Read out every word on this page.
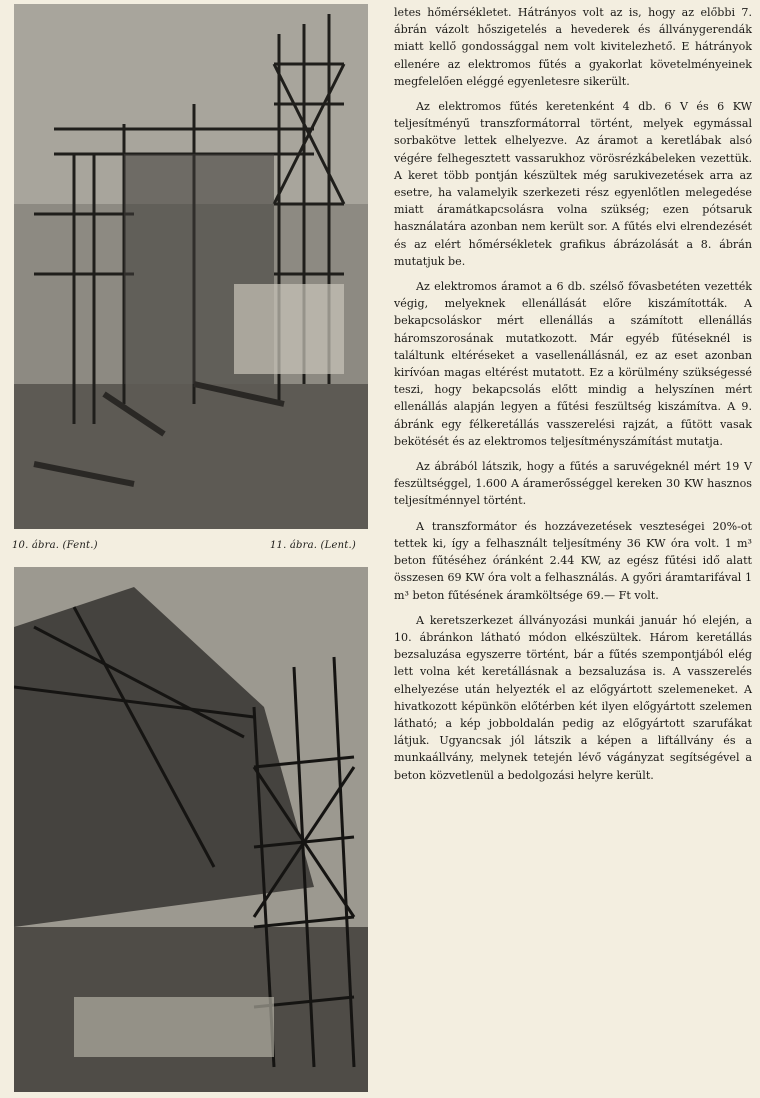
10. ábra. (Fent.)	11. ábra. (Lent.)

letes hőmérsékletet. Hátrányos volt az is, hogy az előbbi 7. ábrán vázolt hőszigetelés a hevederek és állványgerendák miatt kellő gondossággal nem volt kivitelezhető. E hátrányok ellenére az elektromos fűtés a gyakorlat követelményeinek megfelelően eléggé egyenletesre sikerült.

Az elektromos fűtés keretenként 4 db. 6 V és 6 KW teljesítményű transzformátorral történt, melyek egymással sorbakötve lettek elhelyezve. Az áramot a keretlábak alsó végére felhegesztett vassarukhoz vörösrézkábeleken vezettük. A keret több pontján készültek még sarukivezetések arra az esetre, ha valamelyik szerkezeti rész egyenlőtlen melegedése miatt áramátkapcsolásra volna szükség; ezen pótsaruk használatára azonban nem került sor. A fűtés elvi elrendezését és az elért hőmérsékletek grafikus ábrázolását a 8. ábrán mutatjuk be.

Az elektromos áramot a 6 db. szélső fővasbetéten vezették végig, melyeknek ellenállását előre kiszámították. A bekapcsoláskor mért ellenállás a számított ellenállás háromszorosának mutatkozott. Már egyéb fűtéseknél is találtunk eltéréseket a vasellenállásnál, ez az eset azonban kirívóan magas eltérést mutatott. Ez a körülmény szükségessé teszi, hogy bekapcsolás előtt mindig a helyszínen mért ellenállás alapján legyen a fűtési feszültség kiszámítva. A 9. ábránk egy félkeretállás vasszerelési rajzát, a fűtött vasak bekötését és az elektromos teljesítményszámítást mutatja.

Az ábrából látszik, hogy a fűtés a saruvégeknél mért 19 V feszültséggel, 1.600 A áramerősséggel kereken 30 KW hasznos teljesítménnyel történt.

A transzformátor és hozzávezetések veszteségei 20%-ot tettek ki, így a felhasznált teljesítmény 36 KW óra volt. 1 m³ beton fűtéséhez óránként 2.44 KW, az egész fűtési idő alatt összesen 69 KW óra volt a felhasználás. A győri áramtarifával 1 m³ beton fűtésének áramköltsége 69.— Ft volt.

A keretszerkezet állványozási munkái január hó elején, a 10. ábránkon látható módon elkészültek. Három keretállás bezsaluzása egyszerre történt, bár a fűtés szempontjából elég lett volna két keretállásnak a bezsaluzása is. A vasszerelés elhelyezése után helyezték el az előgyártott szelemeneket. A hivatkozott képünkön előtérben két ilyen előgyártott szelemen látható; a kép jobboldalán pedig az előgyártott szarufákat látjuk. Ugyancsak jól látszik a képen a liftállvány és a munkaállvány, melynek tetején lévő vágányzat segítségével a beton közvetlenül a bedolgozási helyre került.
